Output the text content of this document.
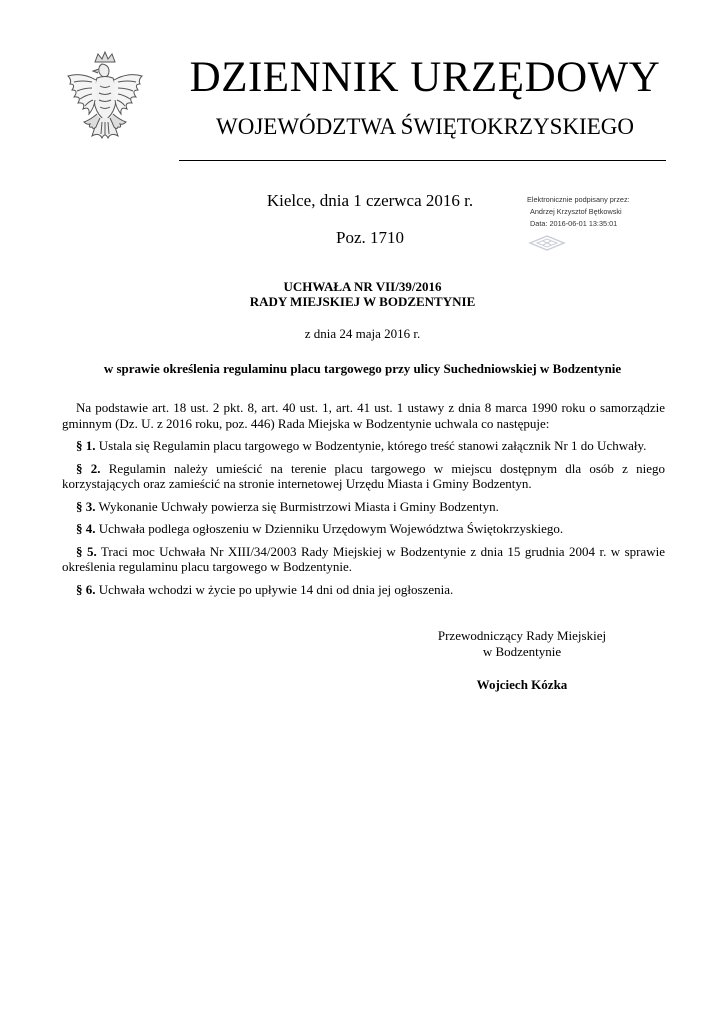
DZIENNIK URZĘDOWY
WOJEWÓDZTWA ŚWIĘTOKRZYSKIEGO
Kielce, dnia 1 czerwca 2016 r.
Poz. 1710
Elektronicznie podpisany przez:
Andrzej Krzysztof Bętkowski
Data: 2016-06-01 13:35:01
UCHWAŁA NR VII/39/2016
RADY MIEJSKIEJ W BODZENTYNIE
z dnia 24 maja 2016 r.
w sprawie określenia regulaminu placu targowego przy ulicy Suchedniowskiej w Bodzentynie

Na podstawie art. 18 ust. 2 pkt. 8, art. 40 ust. 1, art. 41 ust. 1 ustawy z dnia 8 marca 1990 roku o samorządzie gminnym (Dz. U. z 2016 roku, poz. 446) Rada Miejska w Bodzentynie uchwala co następuje:

§ 1. Ustala się Regulamin placu targowego w Bodzentynie, którego treść stanowi załącznik Nr 1 do Uchwały.

§ 2. Regulamin należy umieścić na terenie placu targowego w miejscu dostępnym dla osób z niego korzystających oraz zamieścić na stronie internetowej Urzędu Miasta i Gminy Bodzentyn.

§ 3. Wykonanie Uchwały powierza się Burmistrzowi Miasta i Gminy Bodzentyn.

§ 4. Uchwała podlega ogłoszeniu w Dzienniku Urzędowym Województwa Świętokrzyskiego.

§ 5. Traci moc Uchwała Nr XIII/34/2003 Rady Miejskiej w Bodzentynie z dnia 15 grudnia 2004 r. w sprawie określenia regulaminu placu targowego w Bodzentynie.

§ 6. Uchwała wchodzi w życie po upływie 14 dni od dnia jej ogłoszenia.

Przewodniczący Rady Miejskiej
w Bodzentynie
Wojciech Kózka
